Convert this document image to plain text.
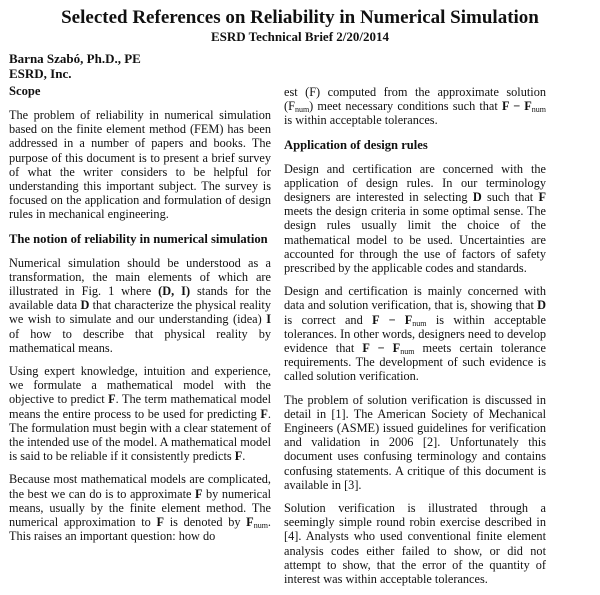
Selected References on Reliability in Numerical Simulation
ESRD Technical Brief 2/20/2014
Barna Szabó, Ph.D., PE
ESRD, Inc.
Scope

The problem of reliability in numerical simulation based on the finite element method (FEM) has been addressed in a number of papers and books. The purpose of this document is to present a brief survey of what the writer considers to be helpful for understanding this important subject. The survey is focused on the application and formulation of design rules in mechanical engineering.

The notion of reliability in numerical simulation

Numerical simulation should be understood as a transformation, the main elements of which are illustrated in Fig. 1 where (D, I) stands for the available data D that characterize the physical reality we wish to simulate and our understanding (idea) I of how to describe that physical reality by mathematical means.

Using expert knowledge, intuition and experience, we formulate a mathematical model with the objective to predict F. The term mathematical model means the entire process to be used for predicting F. The formulation must begin with a clear statement of the intended use of the model. A mathematical model is said to be reliable if it consistently predicts F.

Because most mathematical models are complicated, the best we can do is to approximate F by numerical means, usually by the finite element method. The numerical approximation to F is denoted by $F_{num}$. This raises an important question: how do

est (F) computed from the approximate solution $(F_{num})$ meet necessary conditions such that $F - F_{num}$ is within acceptable tolerances.

Application of design rules

Design and certification are concerned with the application of design rules. In our terminology designers are interested in selecting D such that F meets the design criteria in some optimal sense. The design rules usually limit the choice of the mathematical model to be used. Uncertainties are accounted for through the use of factors of safety prescribed by the applicable codes and standards.

Design and certification is mainly concerned with data and solution verification, that is, showing that D is correct and $F - F_{num}$ is within acceptable tolerances. In other words, designers need to develop evidence that $F - F_{num}$ meets certain tolerance requirements. The development of such evidence is called solution verification.

The problem of solution verification is discussed in detail in [1]. The American Society of Mechanical Engineers (ASME) issued guidelines for verification and validation in 2006 [2]. Unfortunately this document uses confusing terminology and contains confusing statements. A critique of this document is available in [3].

Solution verification is illustrated through a seemingly simple round robin exercise described in [4]. Analysts who used conventional finite element analysis codes either failed to show, or did not attempt to show, that the error of the quantity of interest was within acceptable tolerances.
